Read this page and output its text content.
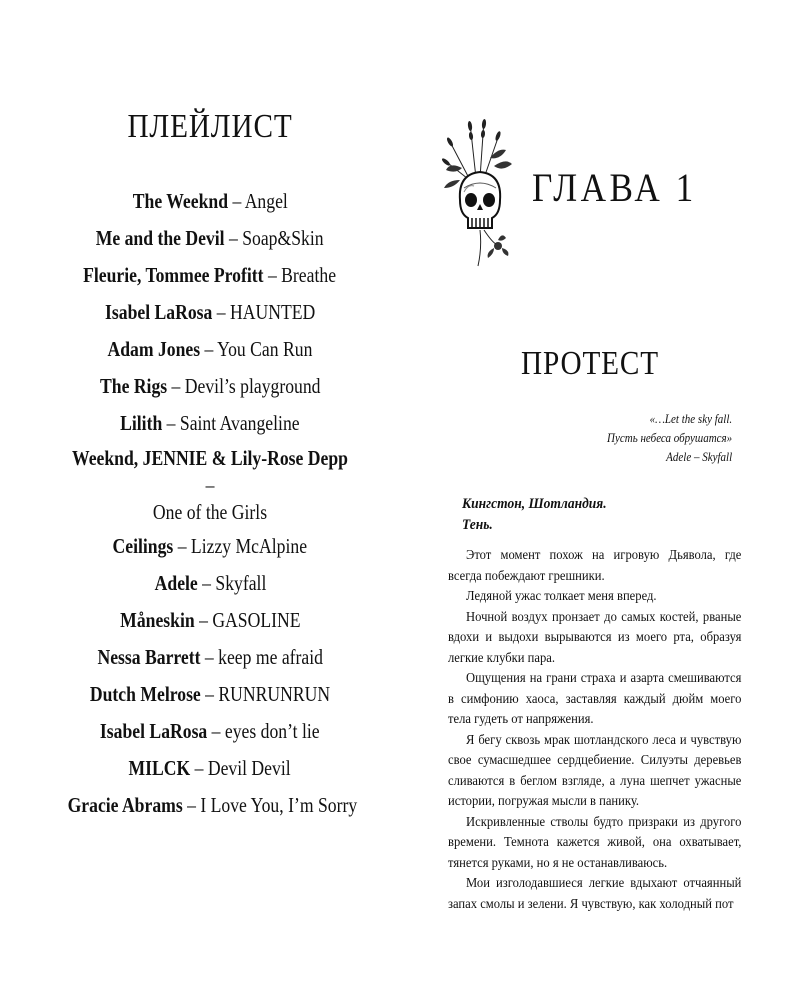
ПЛЕЙЛИСТ
The Weeknd – Angel
Me and the Devil – Soap&Skin
Fleurie, Tommee Profitt – Breathe
Isabel LaRosa – HAUNTED
Adam Jones – You Can Run
The Rigs – Devil’s playground
Lilith – Saint Avangeline
Weeknd, JENNIE & Lily-Rose Depp –
One of the Girls
Ceilings – Lizzy McAlpine
Adele – Skyfall
Måneskin – GASOLINE
Nessa Barrett – keep me afraid
Dutch Melrose – RUNRUNRUN
Isabel LaRosa – eyes don’t lie
MILCK – Devil Devil
Gracie Abrams – I Love You, I’m Sorry
ГЛАВА 1
ПРОТЕСТ
«…Let the sky fall.
Пусть небеса обрушатся»
Adele – Skyfall
Кингстон, Шотландия.
Тень.

Этот момент похож на игровую Дьявола, где всегда побеждают грешники.

Ледяной ужас толкает меня вперед.

Ночной воздух пронзает до самых костей, рваные вдохи и выдохи вырываются из моего рта, образуя легкие клубки пара.

Ощущения на грани страха и азарта смешиваются в симфонию хаоса, заставляя каждый дюйм моего тела гудеть от напряжения.

Я бегу сквозь мрак шотландского леса и чувствую свое сумасшедшее сердцебиение. Силуэты деревьев сливаются в беглом взгляде, а луна шепчет ужасные истории, погружая мысли в панику.

Искривленные стволы будто призраки из другого времени. Темнота кажется живой, она охватывает, тянется руками, но я не останавливаюсь.

Мои изголодавшиеся легкие вдыхают отчаянный запах смолы и зелени. Я чувствую, как холодный пот
